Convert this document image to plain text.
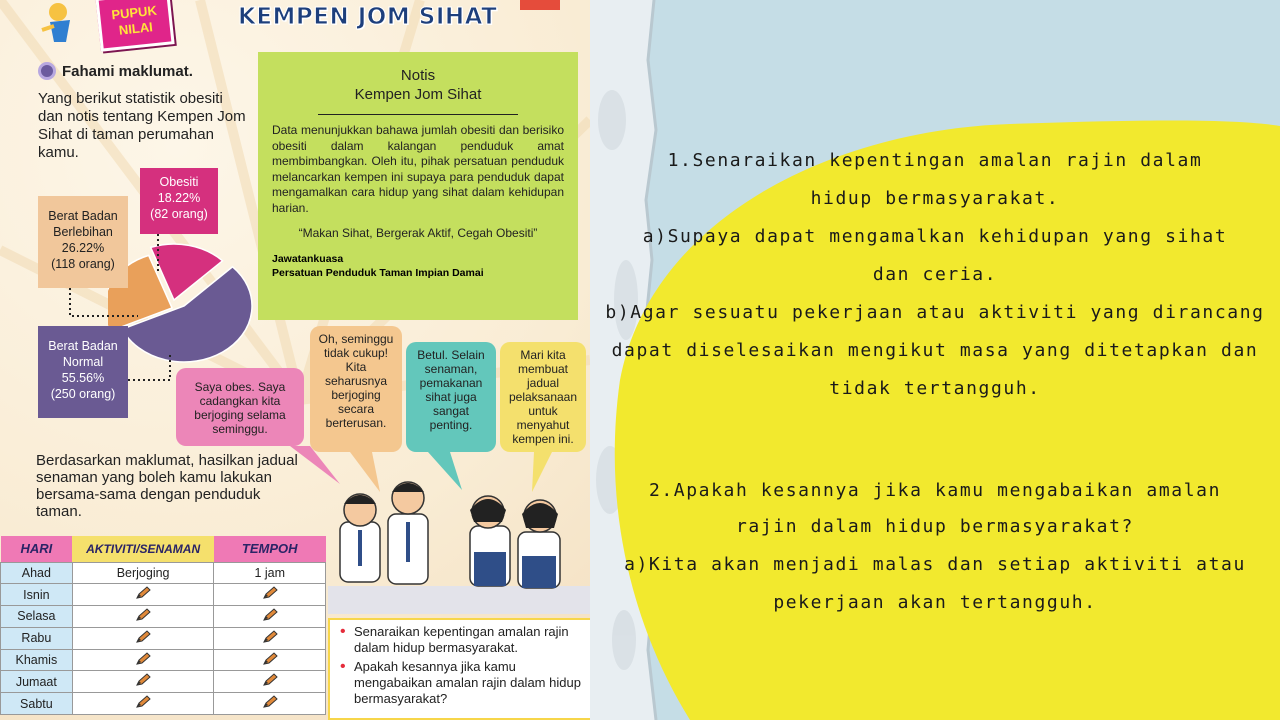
PUPUK
NILAI	KEMPEN JOM SIHAT
Fahami maklumat.
Yang berikut statistik obesiti dan notis tentang Kempen Jom Sihat di taman perumahan kamu.
Obesiti
18.22%
(82 orang)
Berat Badan
Berlebihan
26.22%
(118 orang)
Berat Badan
Normal
55.56%
(250 orang)
Notis
Kempen Jom Sihat

Data menunjukkan bahawa jumlah obesiti dan berisiko obesiti dalam kalangan penduduk amat membimbangkan. Oleh itu, pihak persatuan penduduk melancarkan kempen ini supaya para penduduk dapat mengamalkan cara hidup yang sihat dalam kehidupan harian.

“Makan Sihat, Bergerak Aktif, Cegah Obesiti”

Jawatankuasa
Persatuan Penduduk Taman Impian Damai
Saya obes. Saya cadangkan kita berjoging selama seminggu.
Oh, seminggu tidak cukup! Kita seharusnya berjoging secara berterusan.
Betul. Selain senaman, pemakanan sihat juga sangat penting.
Mari kita membuat jadual pelaksanaan untuk menyahut kempen ini.
Berdasarkan maklumat, hasilkan jadual senaman yang boleh kamu lakukan bersama-sama dengan penduduk taman.
HARI	AKTIVITI/SENAMAN	TEMPOH
Ahad	Berjoging	1 jam
Isnin		
Selasa		
Rabu		
Khamis		
Jumaat		
Sabtu		
• Senaraikan kepentingan amalan rajin dalam hidup bermasyarakat.
• Apakah kesannya jika kamu mengabaikan amalan rajin dalam hidup bermasyarakat?
1.Senaraikan kepentingan amalan rajin dalam
hidup bermasyarakat.
a)Supaya dapat mengamalkan kehidupan yang sihat
dan ceria.
b)Agar sesuatu pekerjaan atau aktiviti yang dirancang
dapat diselesaikan mengikut masa yang ditetapkan dan
tidak tertangguh.
2.Apakah kesannya jika kamu mengabaikan amalan
rajin dalam hidup bermasyarakat?
a)Kita akan menjadi malas dan setiap aktiviti atau
pekerjaan akan tertangguh.
